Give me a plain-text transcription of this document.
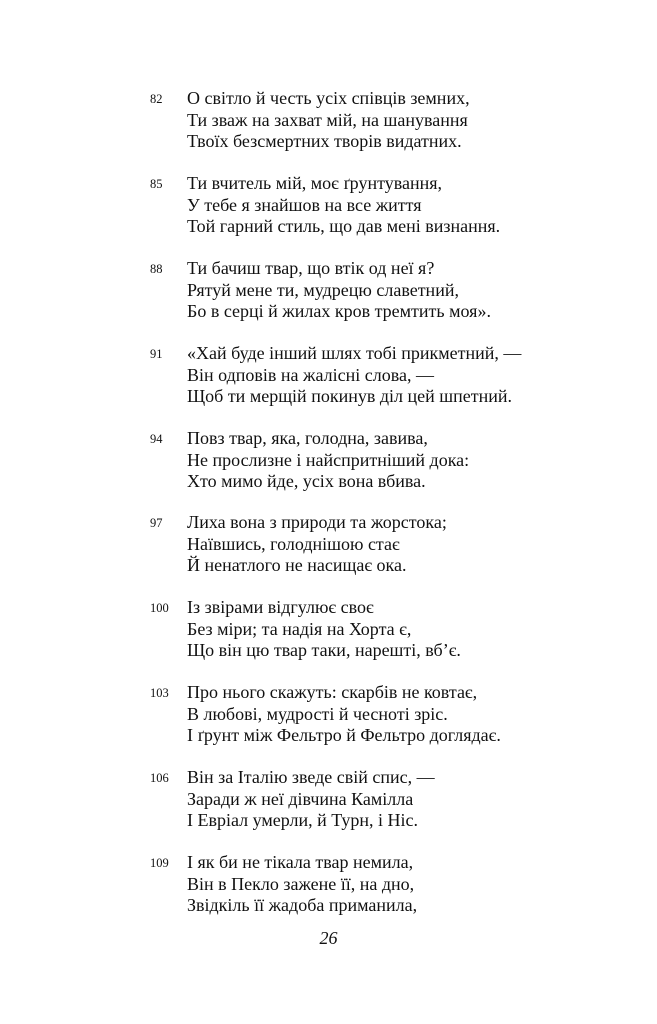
82	О світло й честь усіх співців земних,
Ти зваж на захват мій, на шанування
Твоїх безсмертних творів видатних.
85	Ти вчитель мій, моє ґрунтування,
У тебе я знайшов на все життя
Той гарний стиль, що дав мені визнання.
88	Ти бачиш твар, що втік од неї я?
Рятуй мене ти, мудрецю славетний,
Бо в серці й жилах кров тремтить моя».
91	«Хай буде інший шлях тобі прикметний, —
Він одповів на жалісні слова, —
Щоб ти мерщій покинув діл цей шпетний.
94	Повз твар, яка, голодна, завива,
Не прослизне і найспритніший дока:
Хто мимо йде, усіх вона вбива.
97	Лиха вона з природи та жорстока;
Наївшись, голоднішою стає
Й ненатлого не насищає ока.
100	Із звірами відгулює своє
Без міри; та надія на Хорта є,
Що він цю твар таки, нарешті, вб’є.
103	Про нього скажуть: скарбів не ковтає,
В любові, мудрості й чесноті зріс.
І ґрунт між Фельтро й Фельтро доглядає.
106	Він за Італію зведе свій спис, —
Заради ж неї дівчина Камілла
І Евріал умерли, й Турн, і Ніс.
109	І як би не тікала твар немила,
Він в Пекло зажене її, на дно,
Звідкіль її жадоба приманила,
26
